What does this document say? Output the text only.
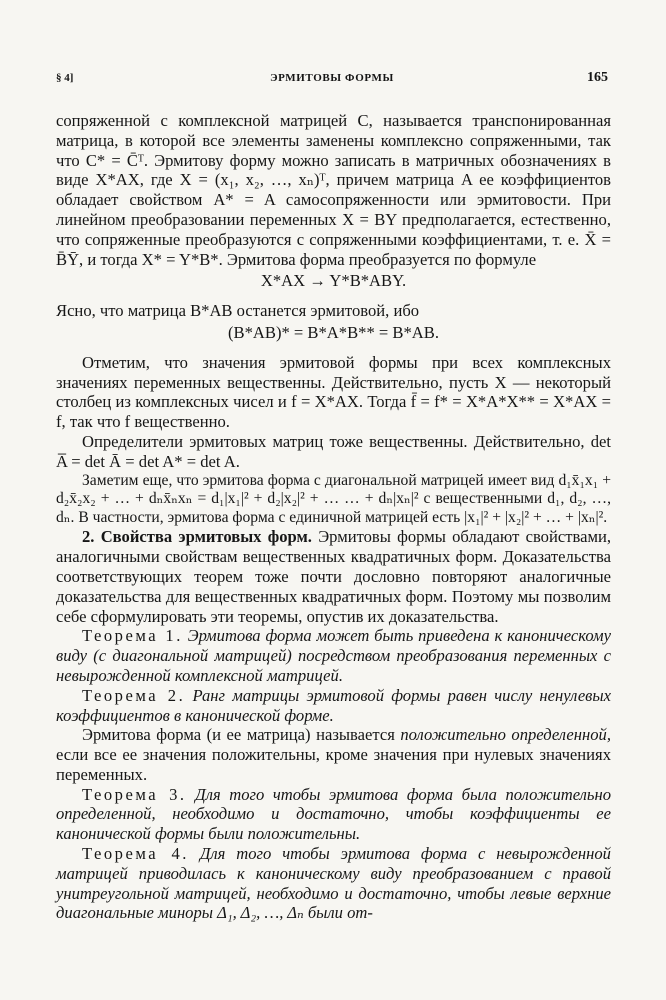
§ 4]	ЭРМИТОВЫ ФОРМЫ	165

сопряженной с комплексной матрицей C, называется транспонированная матрица, в которой все элементы заменены комплексно сопряженными, так что C* = C̄ᵀ. Эрмитову форму можно записать в матричных обозначениях в виде X*AX, где X = (x₁, x₂, …, xₙ)ᵀ, причем матрица A ее коэффициентов обладает свойством A* = A самосопряженности или эрмитовости. При линейном преобразовании переменных X = BY предполагается, естественно, что сопряженные преобразуются с сопряженными коэффициентами, т. е. X̄ = B̄Ȳ, и тогда X* = Y*B*. Эрмитова форма преобразуется по формуле

X*AX → Y*B*ABY.

Ясно, что матрица B*AB останется эрмитовой, ибо

(B*AB)* = B*A*B** = B*AB.

Отметим, что значения эрмитовой формы при всех комплексных значениях переменных вещественны. Действительно, пусть X — некоторый столбец из комплексных чисел и f = X*AX. Тогда f̄ = f* = X*A*X** = X*AX = f, так что f вещественно.

Определители эрмитовых матриц тоже вещественны. Действительно, det A̅ = det Ā = det A* = det A.

Заметим еще, что эрмитова форма с диагональной матрицей имеет вид d₁x̄₁x₁ + d₂x̄₂x₂ + … + dₙx̄ₙxₙ = d₁|x₁|² + d₂|x₂|² + … … + dₙ|xₙ|² с вещественными d₁, d₂, …, dₙ. В частности, эрмитова форма с единичной матрицей есть |x₁|² + |x₂|² + … + |xₙ|².

2. Свойства эрмитовых форм. Эрмитовы формы обладают свойствами, аналогичными свойствам вещественных квадратичных форм. Доказательства соответствующих теорем тоже почти дословно повторяют аналогичные доказательства для вещественных квадратичных форм. Поэтому мы позволим себе сформулировать эти теоремы, опустив их доказательства.

Теорема 1. Эрмитова форма может быть приведена к каноническому виду (с диагональной матрицей) посредством преобразования переменных с невырожденной комплексной матрицей.

Теорема 2. Ранг матрицы эрмитовой формы равен числу ненулевых коэффициентов в канонической форме.

Эрмитова форма (и ее матрица) называется положительно определенной, если все ее значения положительны, кроме значения при нулевых значениях переменных.

Теорема 3. Для того чтобы эрмитова форма была положительно определенной, необходимо и достаточно, чтобы коэффициенты ее канонической формы были положительны.

Теорема 4. Для того чтобы эрмитова форма с невырожденной матрицей приводилась к каноническому виду преобразованием с правой унитреугольной матрицей, необходимо и достаточно, чтобы левые верхние диагональные миноры Δ₁, Δ₂, …, Δₙ были от-
